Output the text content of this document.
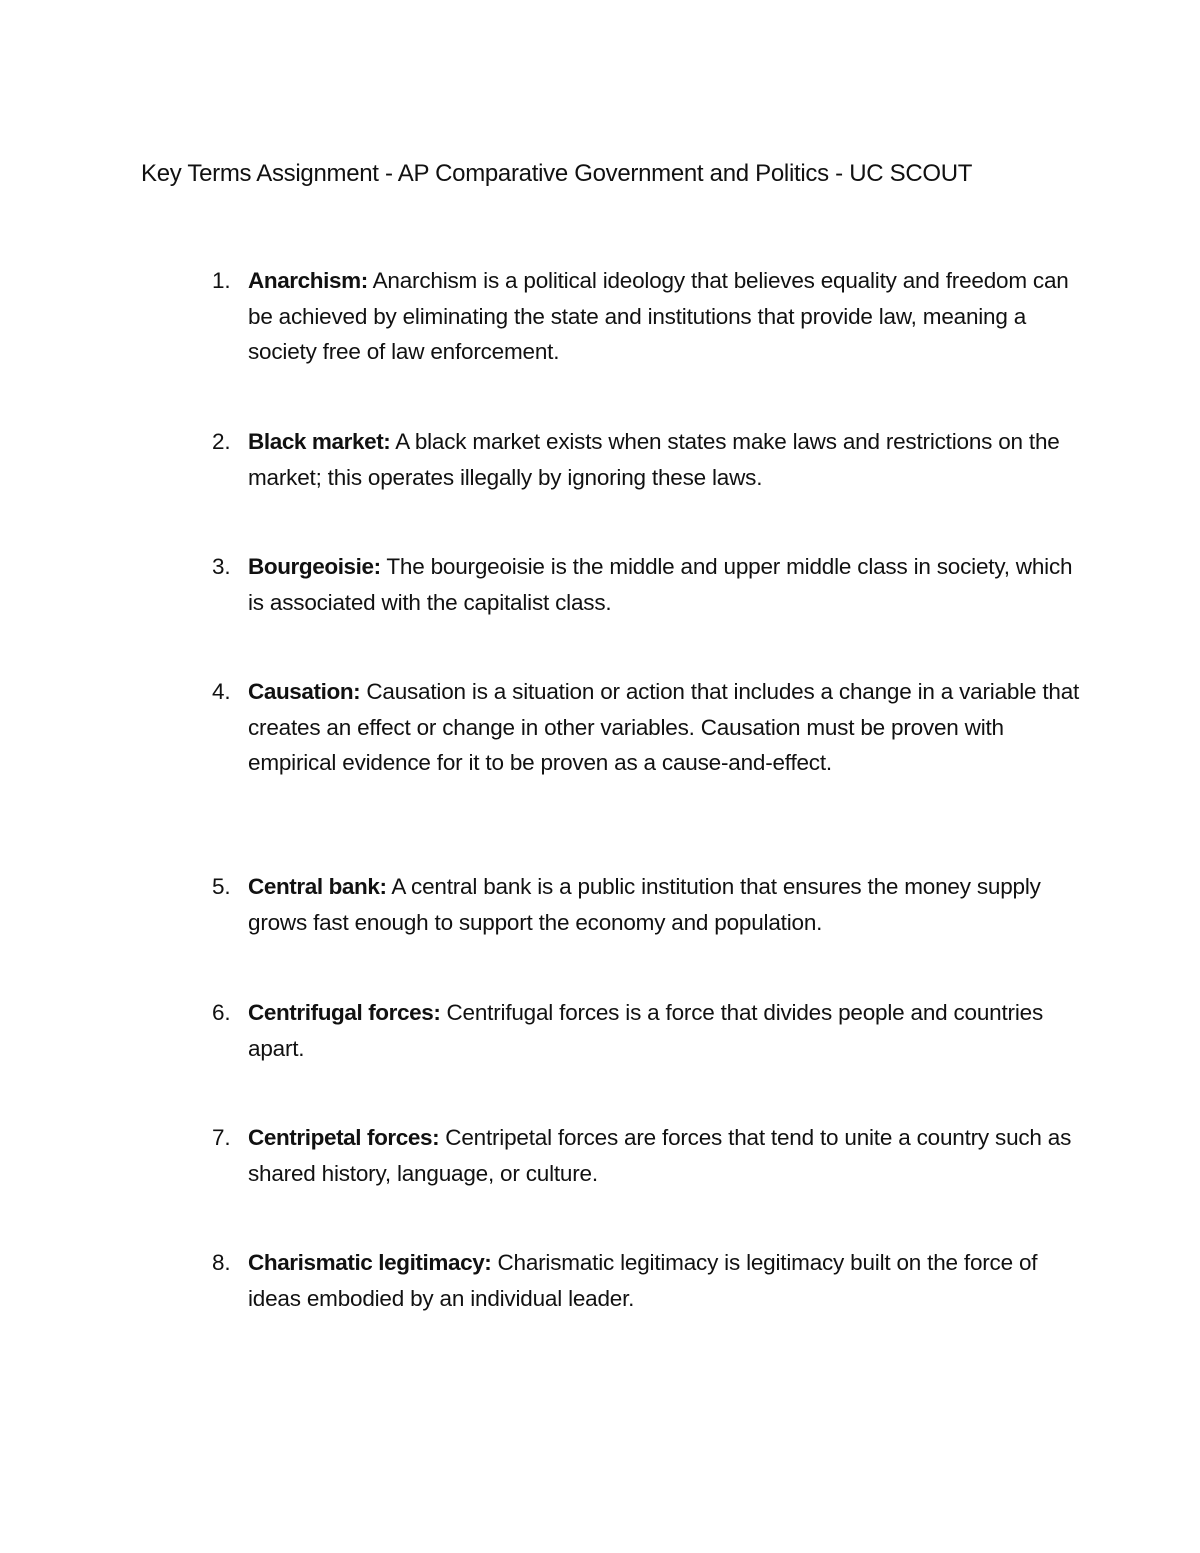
Key Terms Assignment - AP Comparative Government and Politics - UC SCOUT
1. Anarchism: Anarchism is a political ideology that believes equality and freedom can be achieved by eliminating the state and institutions that provide law, meaning a society free of law enforcement.
2. Black market: A black market exists when states make laws and restrictions on the market; this operates illegally by ignoring these laws.
3. Bourgeoisie: The bourgeoisie is the middle and upper middle class in society, which is associated with the capitalist class.
4. Causation: Causation is a situation or action that includes a change in a variable that creates an effect or change in other variables. Causation must be proven with empirical evidence for it to be proven as a cause-and-effect.
5. Central bank: A central bank is a public institution that ensures the money supply grows fast enough to support the economy and population.
6. Centrifugal forces: Centrifugal forces is a force that divides people and countries apart.
7. Centripetal forces: Centripetal forces are forces that tend to unite a country such as shared history, language, or culture.
8. Charismatic legitimacy: Charismatic legitimacy is legitimacy built on the force of ideas embodied by an individual leader.
